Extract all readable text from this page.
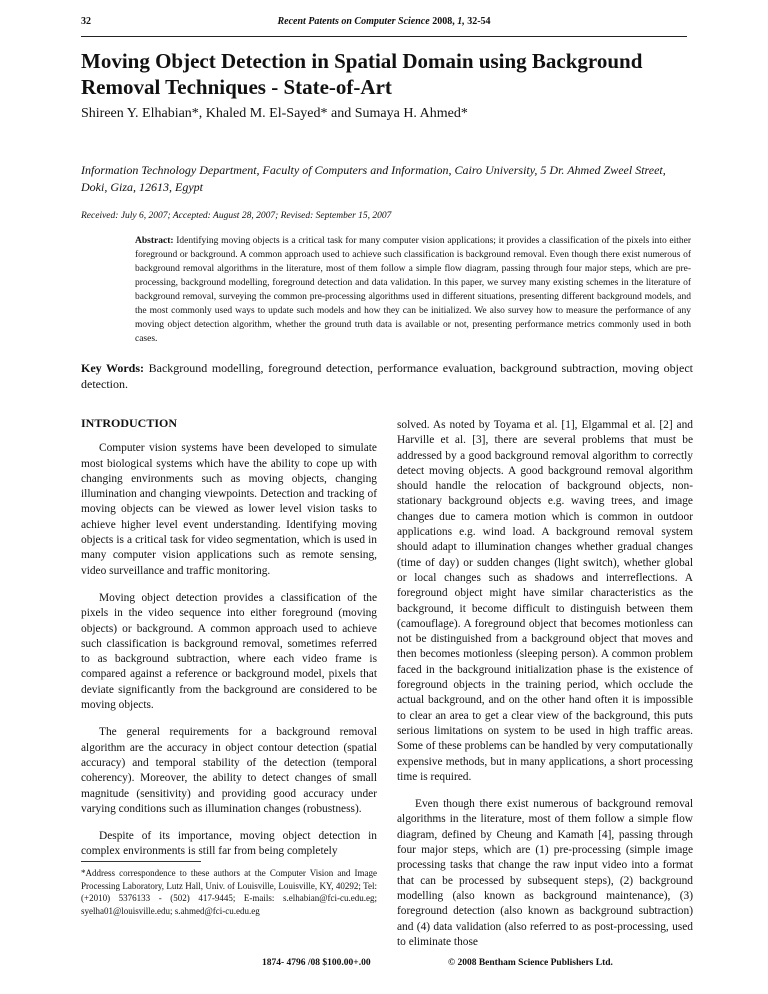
32	Recent Patents on Computer Science 2008, 1, 32-54
Moving Object Detection in Spatial Domain using Background Removal Techniques - State-of-Art
Shireen Y. Elhabian*, Khaled M. El-Sayed* and Sumaya H. Ahmed*
Information Technology Department, Faculty of Computers and Information, Cairo University, 5 Dr. Ahmed Zweel Street, Doki, Giza, 12613, Egypt
Received: July 6, 2007; Accepted: August 28, 2007; Revised: September 15, 2007
Abstract: Identifying moving objects is a critical task for many computer vision applications; it provides a classification of the pixels into either foreground or background. A common approach used to achieve such classification is background removal. Even though there exist numerous of background removal algorithms in the literature, most of them follow a simple flow diagram, passing through four major steps, which are pre-processing, background modelling, foreground detection and data validation. In this paper, we survey many existing schemes in the literature of background removal, surveying the common pre-processing algorithms used in different situations, presenting different background models, and the most commonly used ways to update such models and how they can be initialized. We also survey how to measure the performance of any moving object detection algorithm, whether the ground truth data is available or not, presenting performance metrics commonly used in both cases.
Key Words: Background modelling, foreground detection, performance evaluation, background subtraction, moving object detection.
INTRODUCTION

Computer vision systems have been developed to simulate most biological systems which have the ability to cope up with changing environments such as moving objects, changing illumination and changing viewpoints. Detection and tracking of moving objects can be viewed as lower level vision tasks to achieve higher level event understanding. Identifying moving objects is a critical task for video segmentation, which is used in many computer vision applications such as remote sensing, video surveillance and traffic monitoring.

Moving object detection provides a classification of the pixels in the video sequence into either foreground (moving objects) or background. A common approach used to achieve such classification is background removal, sometimes referred to as background subtraction, where each video frame is compared against a reference or background model, pixels that deviate significantly from the background are considered to be moving objects.

The general requirements for a background removal algorithm are the accuracy in object contour detection (spatial accuracy) and temporal stability of the detection (temporal coherency). Moreover, the ability to detect changes of small magnitude (sensitivity) and providing good accuracy under varying conditions such as illumination changes (robustness).

Despite of its importance, moving object detection in complex environments is still far from being completely

solved. As noted by Toyama et al. [1], Elgammal et al. [2] and Harville et al. [3], there are several problems that must be addressed by a good background removal algorithm to correctly detect moving objects. A good background removal algorithm should handle the relocation of background objects, non-stationary background objects e.g. waving trees, and image changes due to camera motion which is common in outdoor applications e.g. wind load. A background removal system should adapt to illumination changes whether gradual changes (time of day) or sudden changes (light switch), whether global or local changes such as shadows and interreflections. A foreground object might have similar characteristics as the background, it become difficult to distinguish between them (camouflage). A foreground object that becomes motionless can not be distinguished from a background object that moves and then becomes motionless (sleeping person). A common problem faced in the background initialization phase is the existence of foreground objects in the training period, which occlude the actual background, and on the other hand often it is impossible to clear an area to get a clear view of the background, this puts serious limitations on system to be used in high traffic areas. Some of these problems can be handled by very computationally expensive methods, but in many applications, a short processing time is required.

Even though there exist numerous of background removal algorithms in the literature, most of them follow a simple flow diagram, defined by Cheung and Kamath [4], passing through four major steps, which are (1) pre-processing (simple image processing tasks that change the raw input video into a format that can be processed by subsequent steps), (2) background modelling (also known as background maintenance), (3) foreground detection (also known as background subtraction) and (4) data validation (also referred to as post-processing, used to eliminate those

*Address correspondence to these authors at the Computer Vision and Image Processing Laboratory, Lutz Hall, Univ. of Louisville, Louisville, KY, 40292; Tel: (+2010) 5376133 - (502) 417-9445; E-mails: s.elhabian@fci-cu.edu.eg; syelha01@louisville.edu; s.ahmed@fci-cu.edu.eg
1874- 4796 /08 $100.00+.00	© 2008 Bentham Science Publishers Ltd.
